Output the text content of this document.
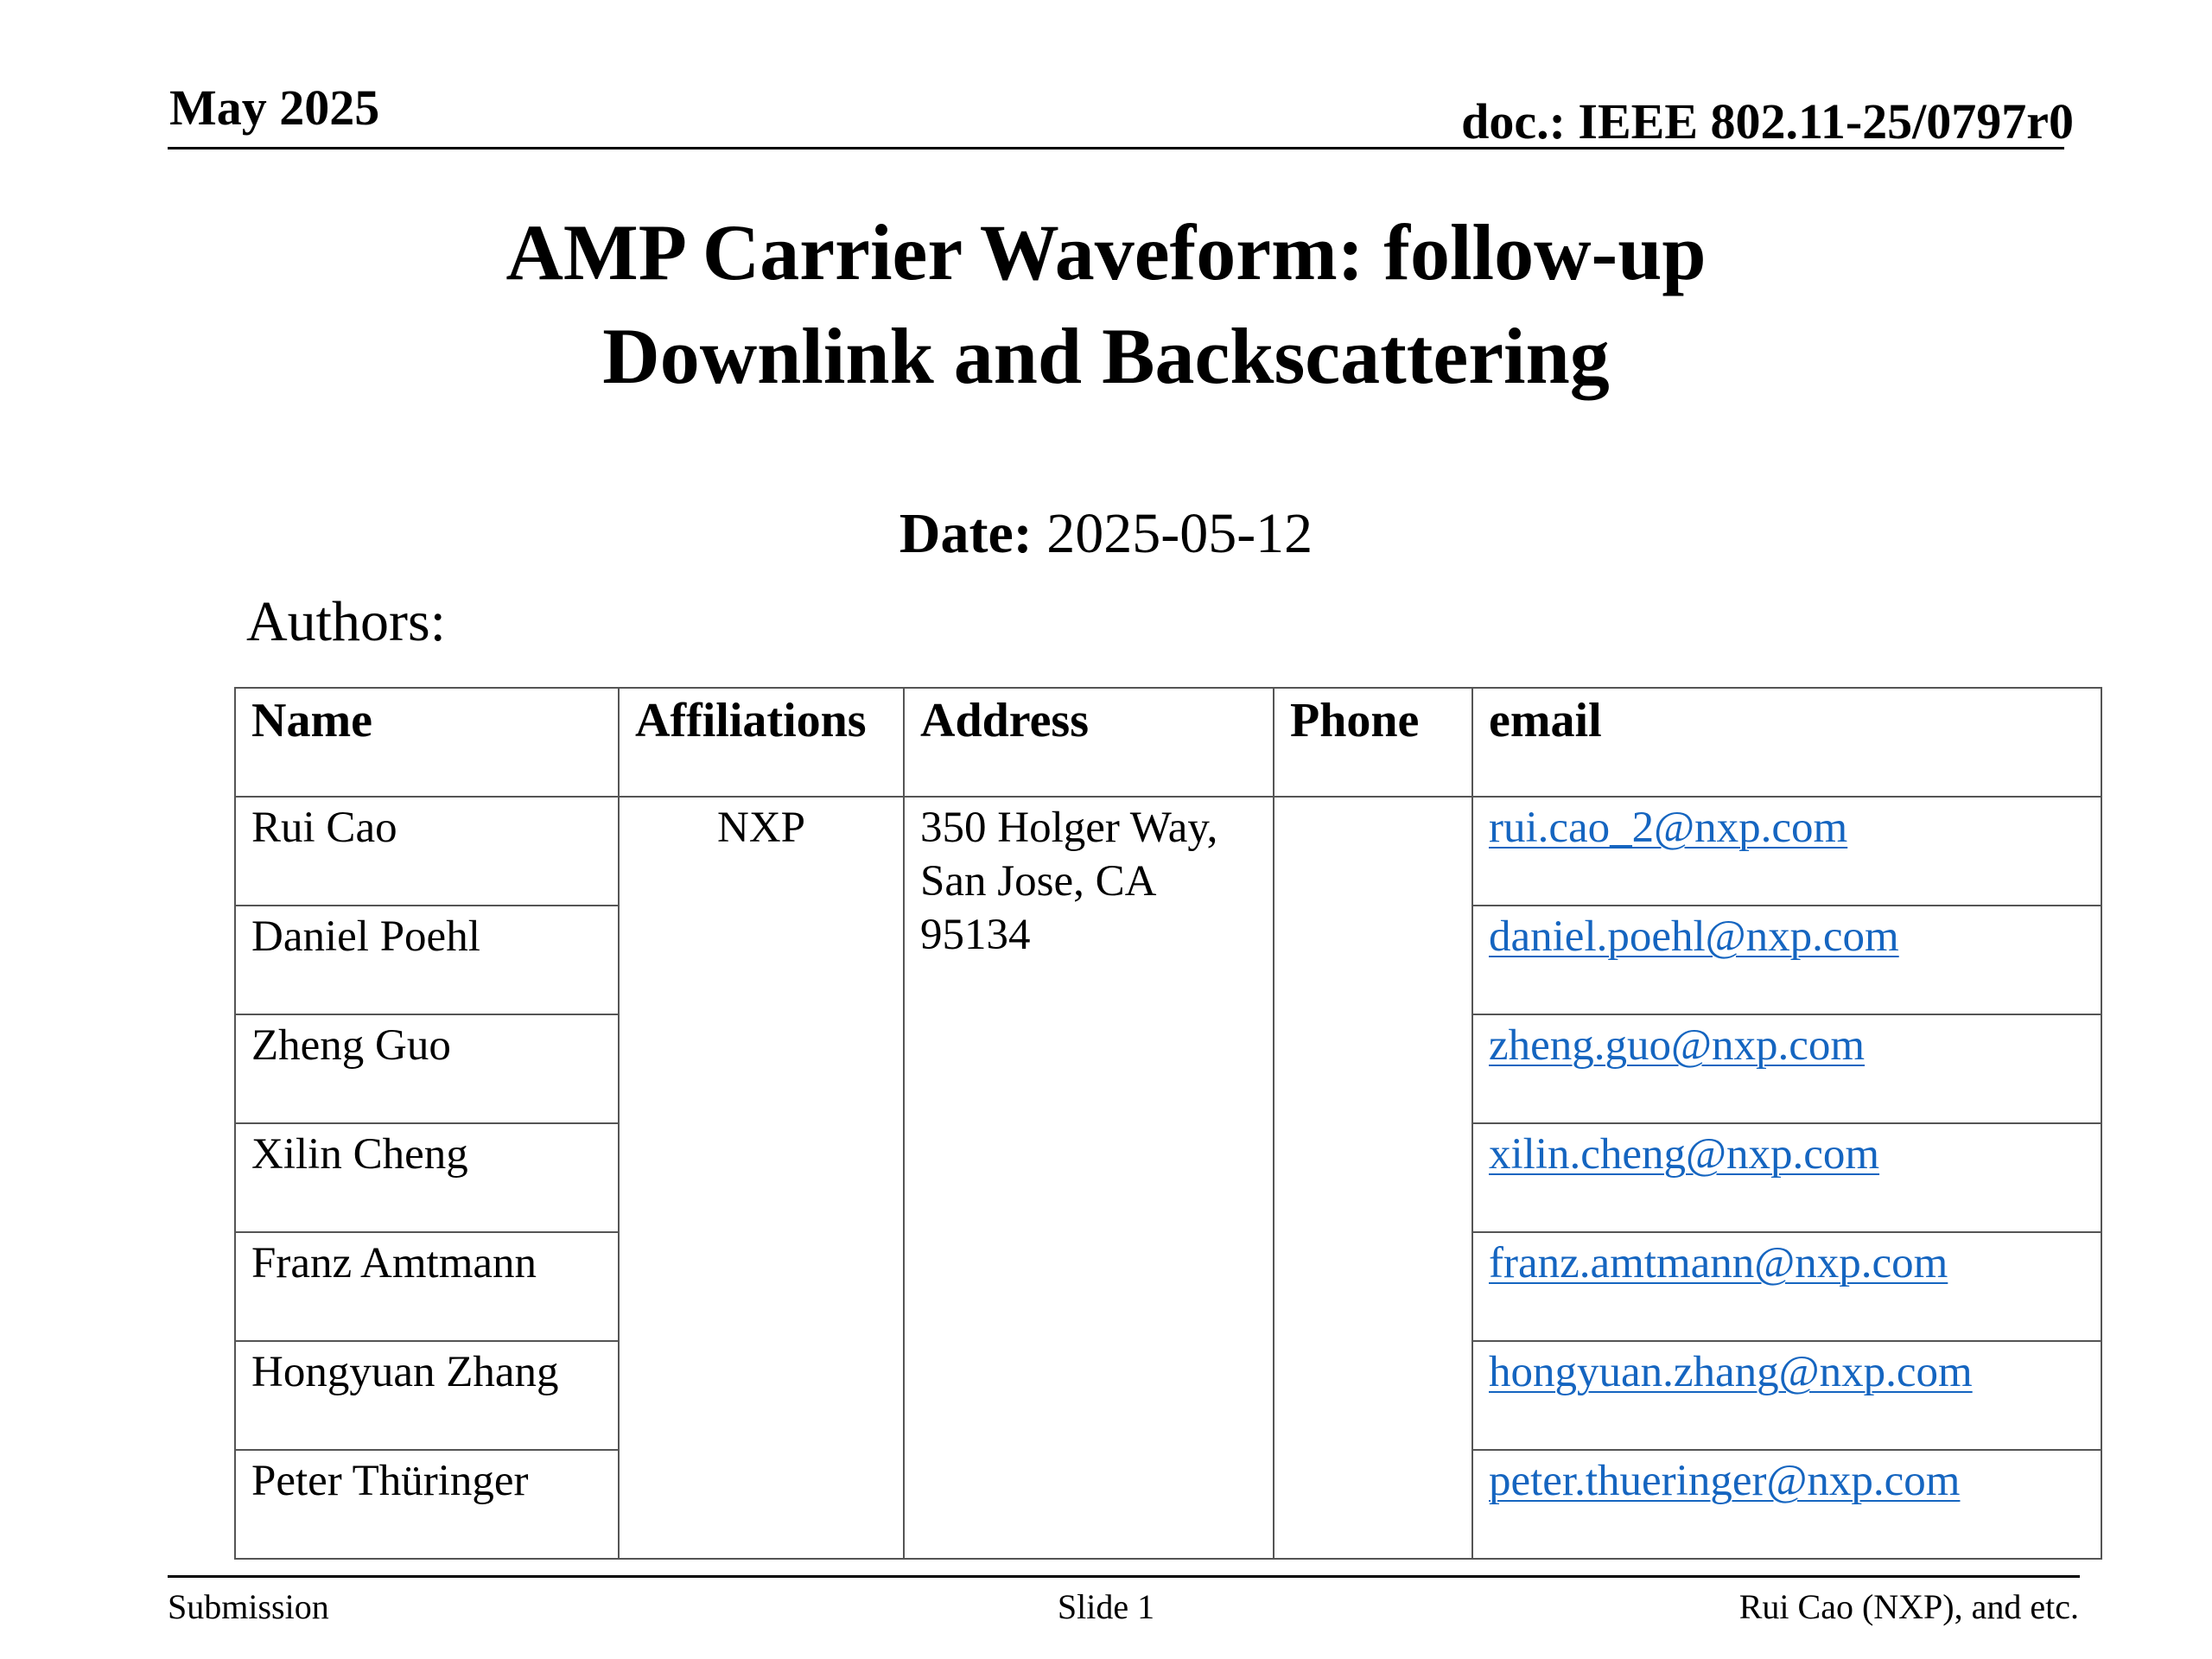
May 2025	doc.: IEEE 802.11-25/0797r0
AMP Carrier Waveform: follow-up
Downlink and Backscattering
Date: 2025-05-12
Authors:
Name	Affiliations	Address	Phone	email
Rui Cao	NXP	350 Holger Way, San Jose, CA 95134		rui.cao_2@nxp.com
Daniel Poehl				daniel.poehl@nxp.com
Zheng Guo				zheng.guo@nxp.com
Xilin Cheng				xilin.cheng@nxp.com
Franz Amtmann				franz.amtmann@nxp.com
Hongyuan Zhang				hongyuan.zhang@nxp.com
Peter Thüringer				peter.thueringer@nxp.com
Submission	Slide 1	Rui Cao (NXP), and etc.
